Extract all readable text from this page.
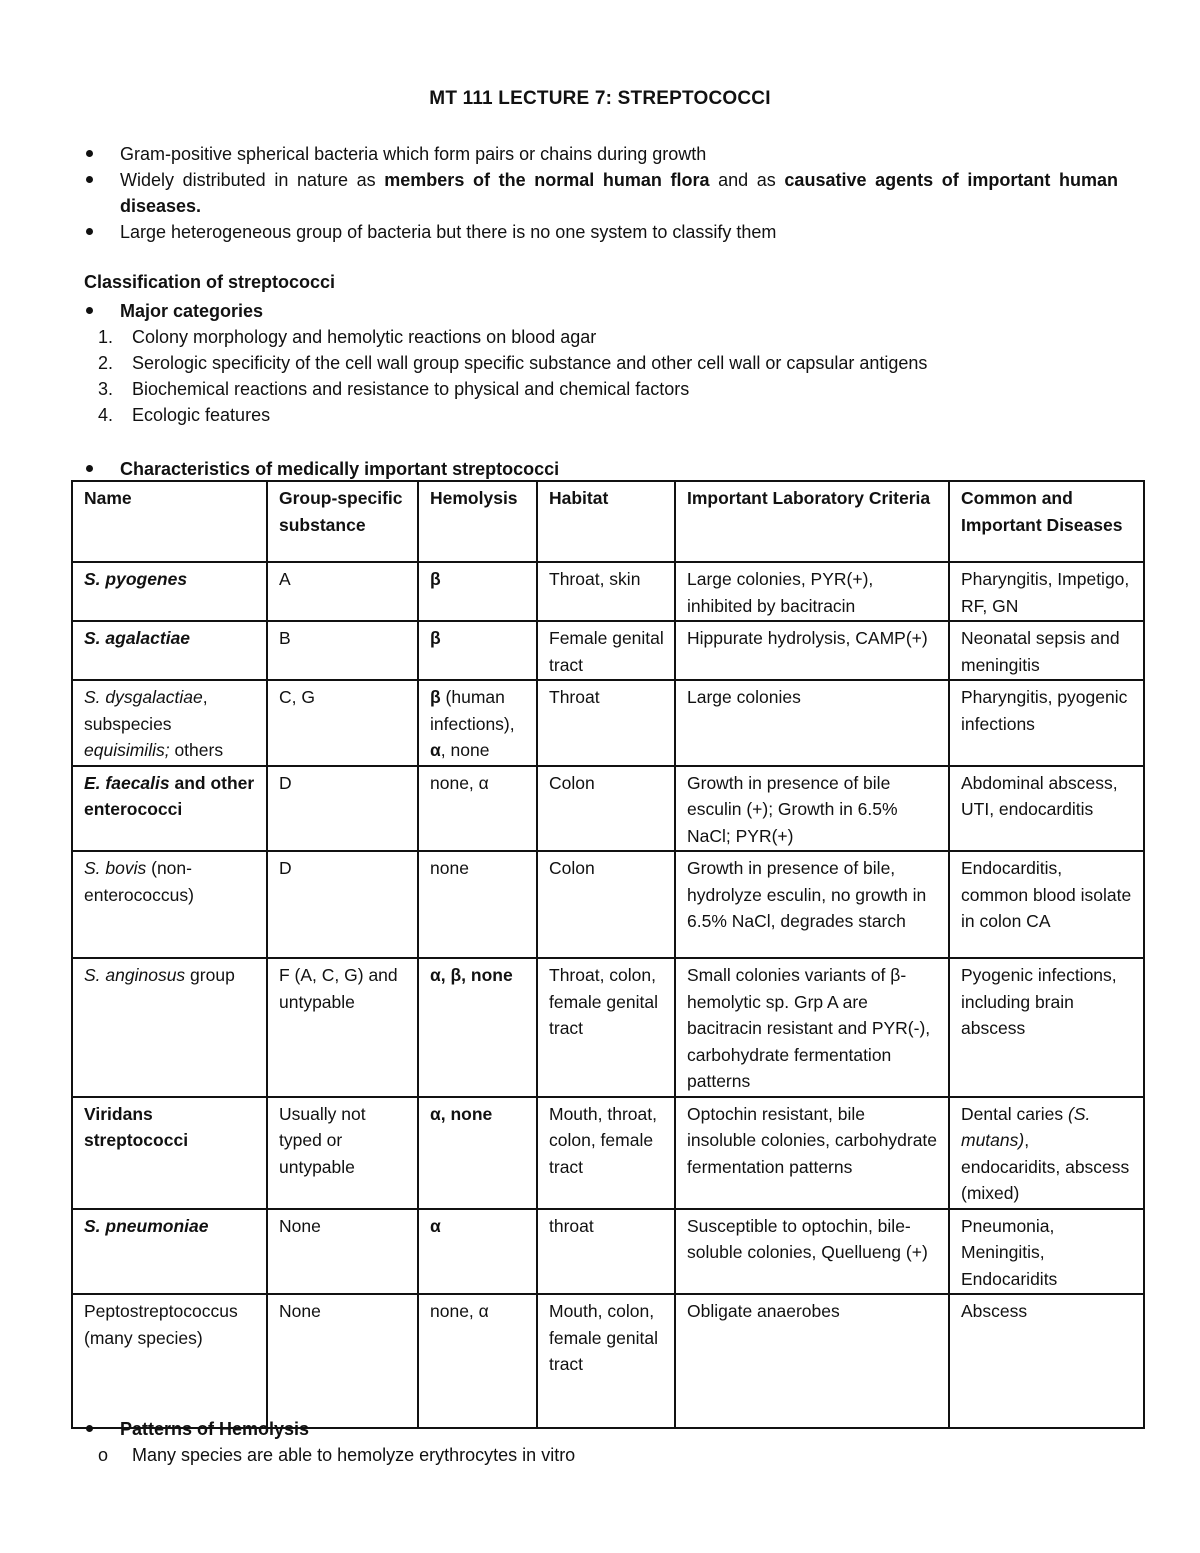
MT 111 LECTURE 7: STREPTOCOCCI
Gram-positive spherical bacteria which form pairs or chains during growth
Widely distributed in nature as members of the normal human flora and as causative agents of important human diseases.
Large heterogeneous group of bacteria but there is no one system to classify them
Classification of streptococci
Major categories
1. Colony morphology and hemolytic reactions on blood agar
2. Serologic specificity of the cell wall group specific substance and other cell wall or capsular antigens
3. Biochemical reactions and resistance to physical and chemical factors
4. Ecologic features
Characteristics of medically important streptococci
Name	Group-specific substance	Hemolysis	Habitat	Important Laboratory Criteria	Common and Important Diseases
S. pyogenes	A	β	Throat, skin	Large colonies, PYR(+), inhibited by bacitracin	Pharyngitis, Impetigo, RF, GN
S. agalactiae	B	β	Female genital tract	Hippurate hydrolysis, CAMP(+)	Neonatal sepsis and meningitis
S. dysgalactiae, subspecies equisimilis; others	C, G	β (human infections), α, none	Throat	Large colonies	Pharyngitis, pyogenic infections
E. faecalis and other enterococci	D	none, α	Colon	Growth in presence of bile esculin (+); Growth in 6.5% NaCl; PYR(+)	Abdominal abscess, UTI, endocarditis
S. bovis (non-enterococcus)	D	none	Colon	Growth in presence of bile, hydrolyze esculin, no growth in 6.5% NaCl, degrades starch	Endocarditis, common blood isolate in colon CA
S. anginosus group	F (A, C, G) and untypable	α, β, none	Throat, colon, female genital tract	Small colonies variants of β-hemolytic sp. Grp A are bacitracin resistant and PYR(-), carbohydrate fermentation patterns	Pyogenic infections, including brain abscess
Viridans streptococci	Usually not typed or untypable	α, none	Mouth, throat, colon, female tract	Optochin resistant, bile insoluble colonies, carbohydrate fermentation patterns	Dental caries (S. mutans), endocaridits, abscess (mixed)
S. pneumoniae	None	α	throat	Susceptible to optochin, bile-soluble colonies, Quellueng (+)	Pneumonia, Meningitis, Endocaridits
Peptostreptococcus (many species)	None	none, α	Mouth, colon, female genital tract	Obligate anaerobes	Abscess
Patterns of Hemolysis
o Many species are able to hemolyze erythrocytes in vitro
